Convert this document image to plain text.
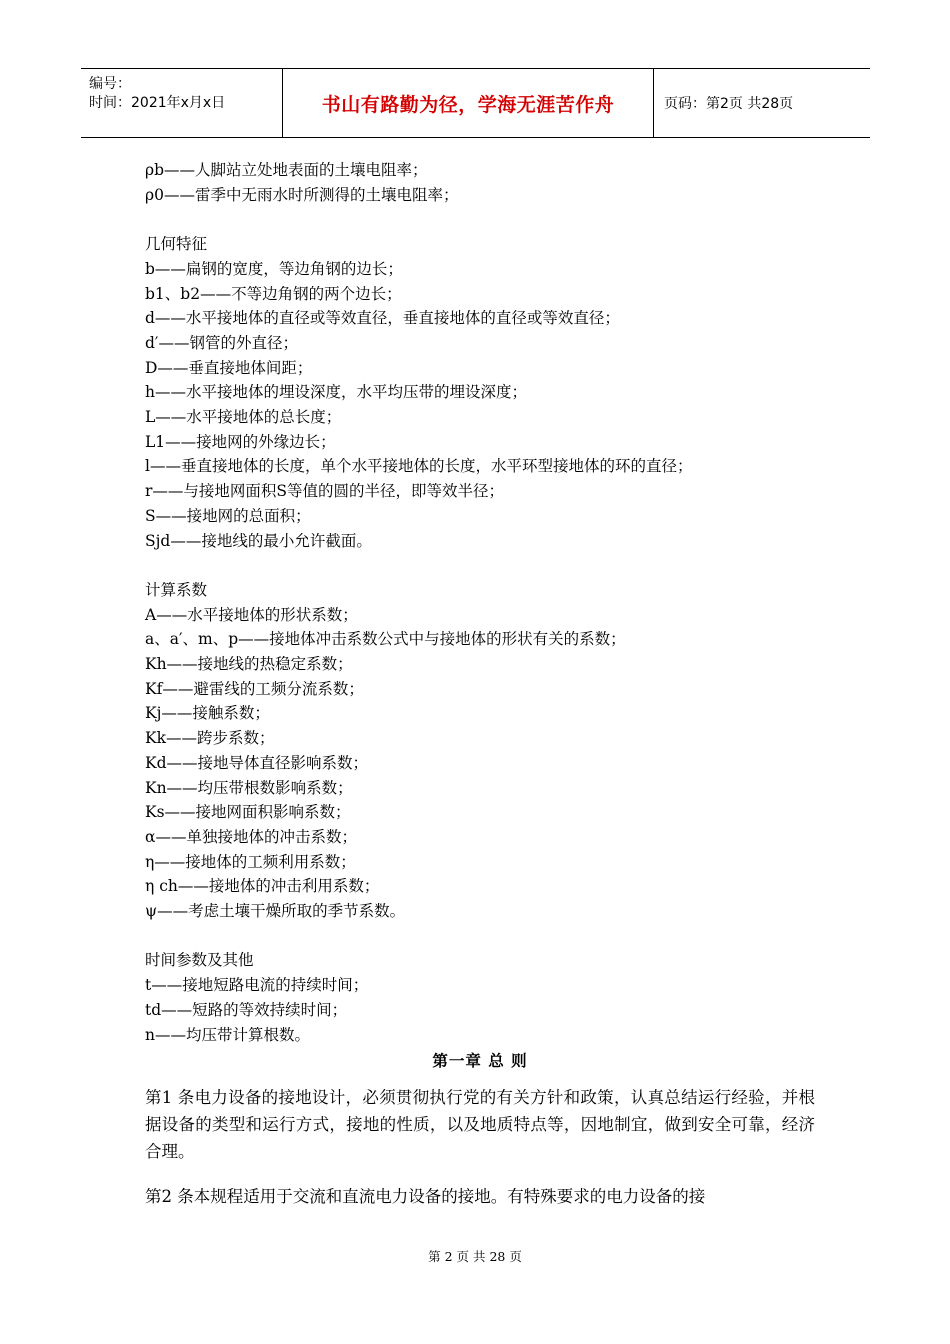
编号：
时间：2021年x月x日	书山有路勤为径，学海无涯苦作舟	页码：第2页 共28页
ρb——人脚站立处地表面的土壤电阻率；
ρ0——雷季中无雨水时所测得的土壤电阻率；
几何特征
b——扁钢的宽度，等边角钢的边长；
b1、b2——不等边角钢的两个边长；
d——水平接地体的直径或等效直径，垂直接地体的直径或等效直径；
d′——钢管的外直径；
D——垂直接地体间距；
h——水平接地体的埋设深度，水平均压带的埋设深度；
L——水平接地体的总长度；
L1——接地网的外缘边长；
l——垂直接地体的长度，单个水平接地体的长度，水平环型接地体的环的直径；
r——与接地网面积S等值的圆的半径，即等效半径；
S——接地网的总面积；
Sjd——接地线的最小允许截面。
计算系数
A——水平接地体的形状系数；
a、a′、m、p——接地体冲击系数公式中与接地体的形状有关的系数；
Kh——接地线的热稳定系数；
Kf——避雷线的工频分流系数；
Kj——接触系数；
Kk——跨步系数；
Kd——接地导体直径影响系数；
Kn——均压带根数影响系数；
Ks——接地网面积影响系数；
α——单独接地体的冲击系数；
η——接地体的工频利用系数；
η ch——接地体的冲击利用系数；
ψ——考虑土壤干燥所取的季节系数。
时间参数及其他
t——接地短路电流的持续时间；
td——短路的等效持续时间；
n——均压带计算根数。
第一章 总 则
第1 条电力设备的接地设计，必须贯彻执行党的有关方针和政策，认真总结运行经验，并根据设备的类型和运行方式，接地的性质，以及地质特点等，因地制宜，做到安全可靠，经济合理。
第2 条本规程适用于交流和直流电力设备的接地。有特殊要求的电力设备的接
第 2 页 共 28 页
